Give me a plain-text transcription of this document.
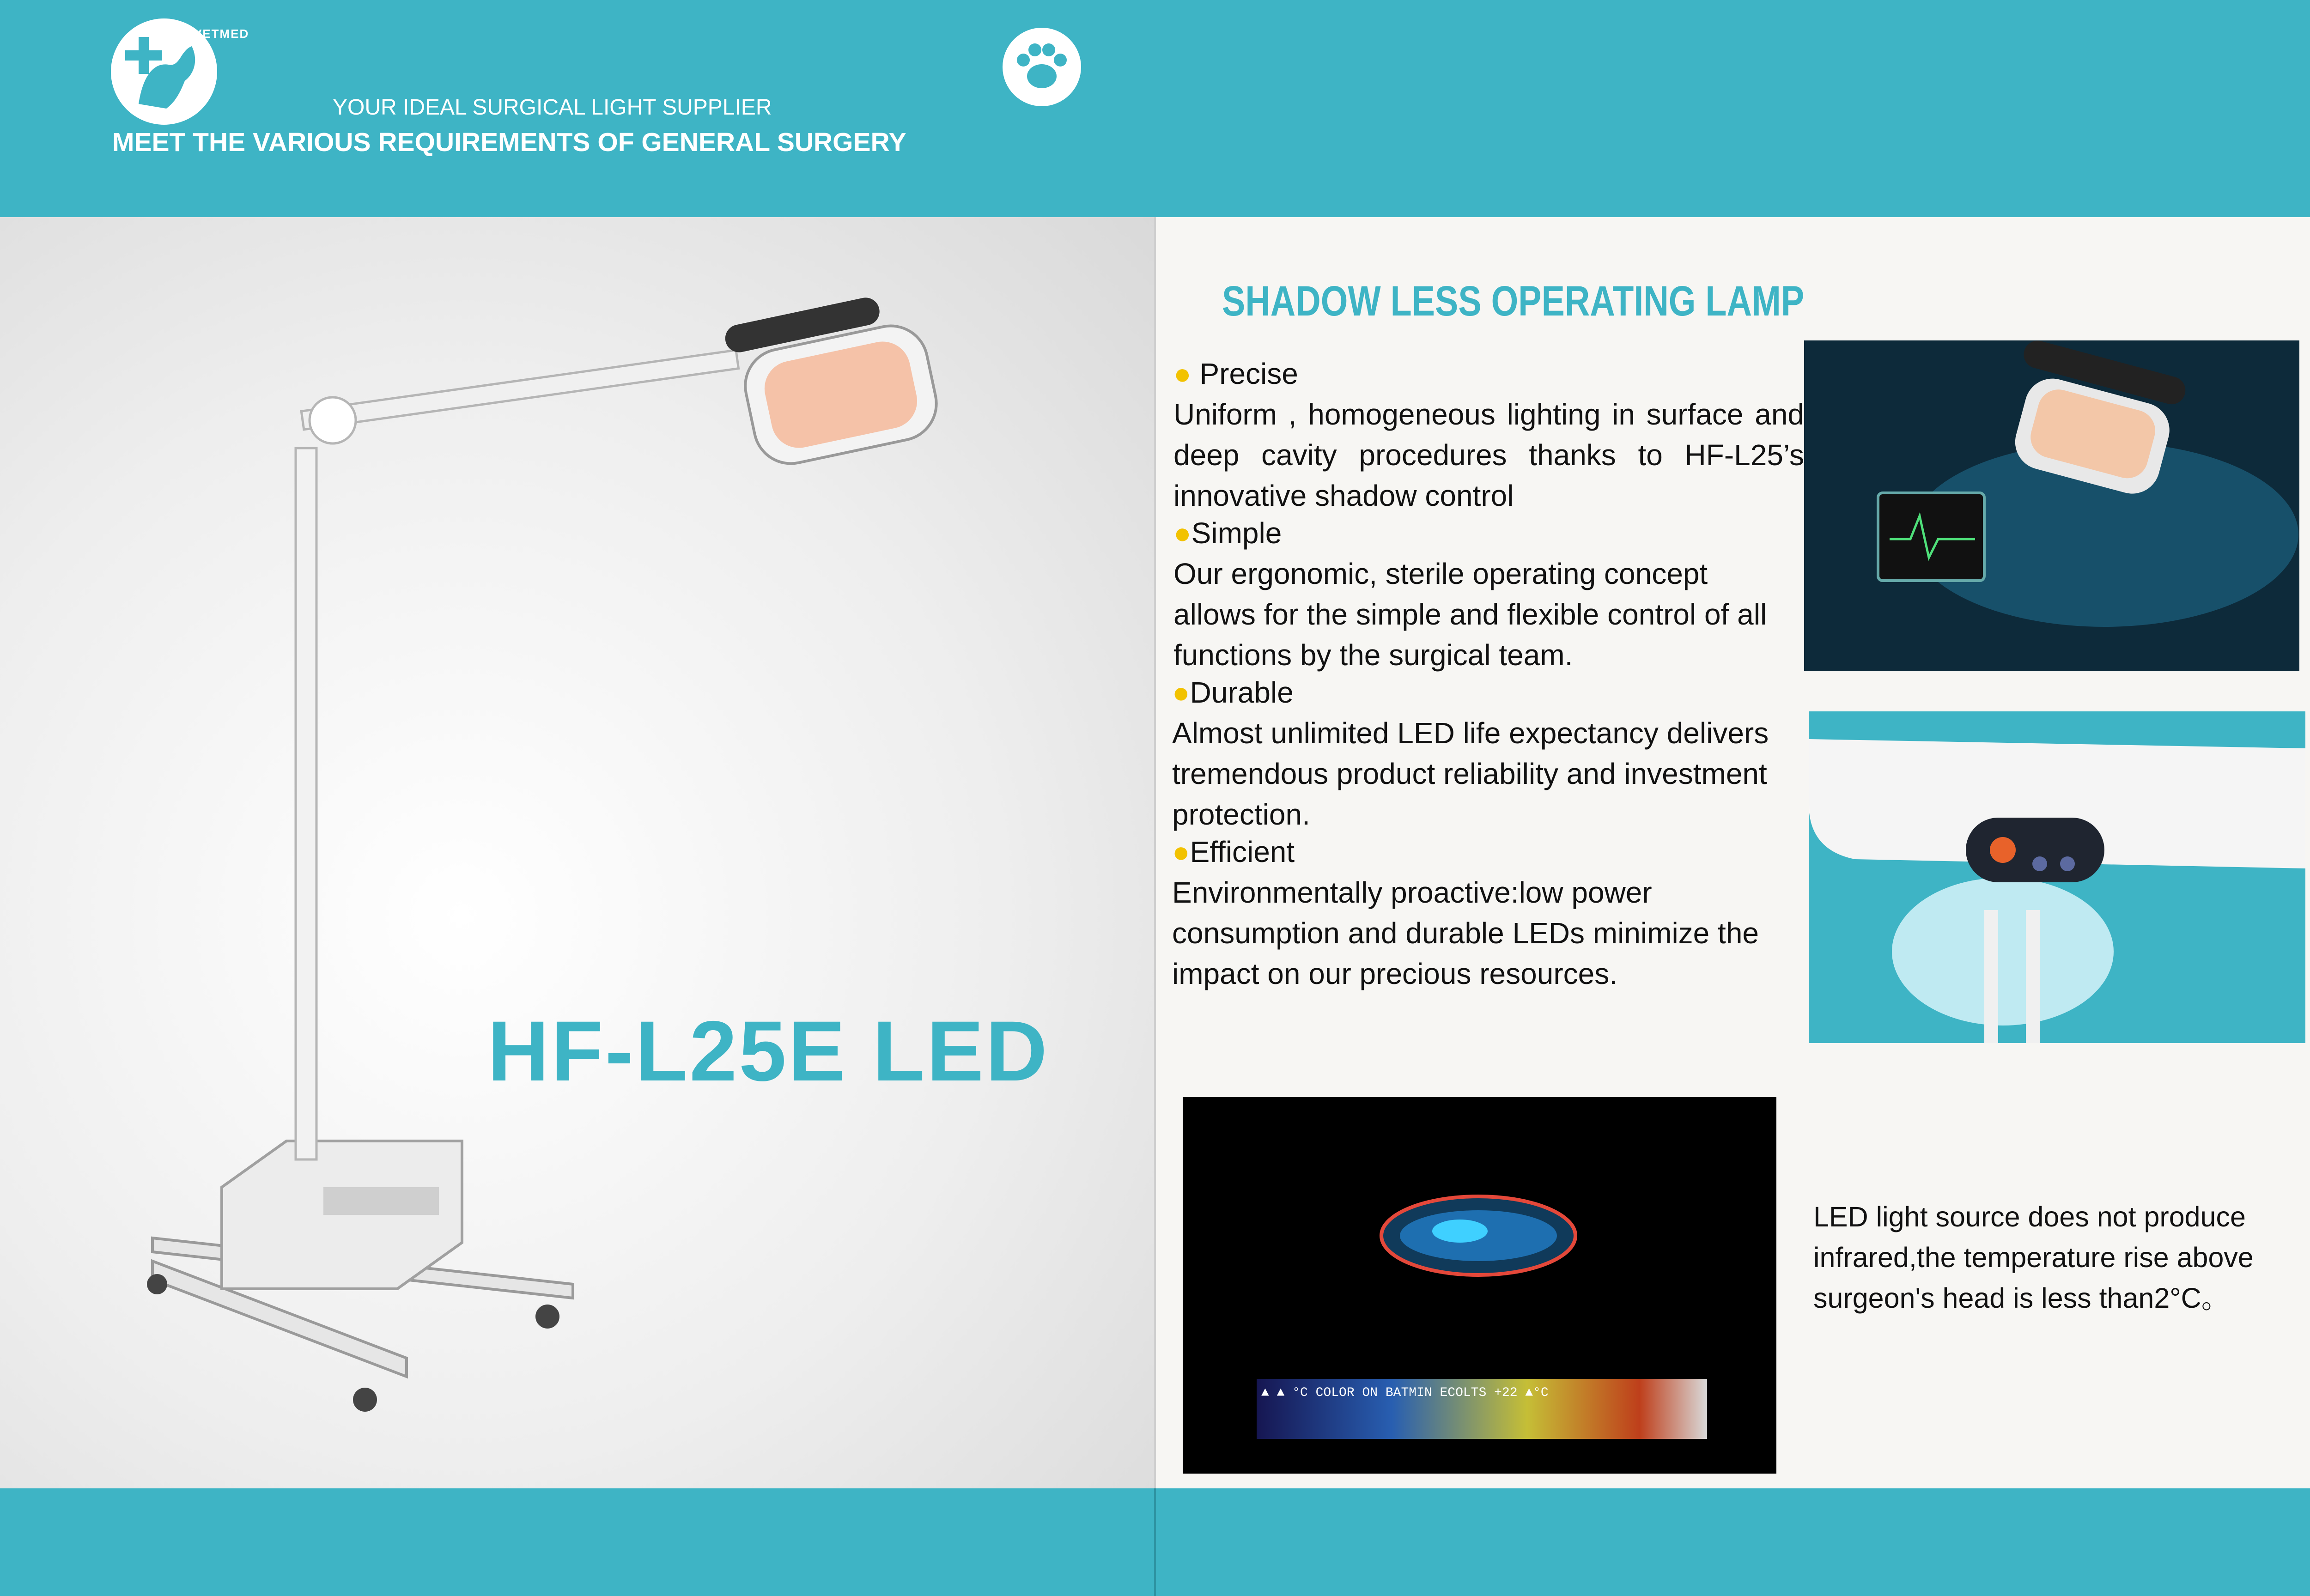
TOPVETMED
YOUR IDEAL SURGICAL LIGHT SUPPLIER
MEET THE VARIOUS REQUIREMENTS OF GENERAL SURGERY
HF-L25E LED
SHADOW LESS OPERATING LAMP
● Precise
Uniform , homogeneous lighting in surface and deep cavity procedures thanks to HF-L25’s innovative shadow control
●Simple
Our ergonomic, sterile operating concept allows for the simple and flexible control of all functions by the surgical team.
●Durable
Almost unlimited LED life expectancy delivers tremendous product reliability and investment protection.
●Efficient
Environmentally proactive:low power consumption and durable LEDs minimize the impact on our precious resources.
▲ ▲ °C COLOR ON BATMIN ECOLTS +22 ▲°C
LED light source does not produce infrared,the temperature rise above surgeon's head is less than2°C。
